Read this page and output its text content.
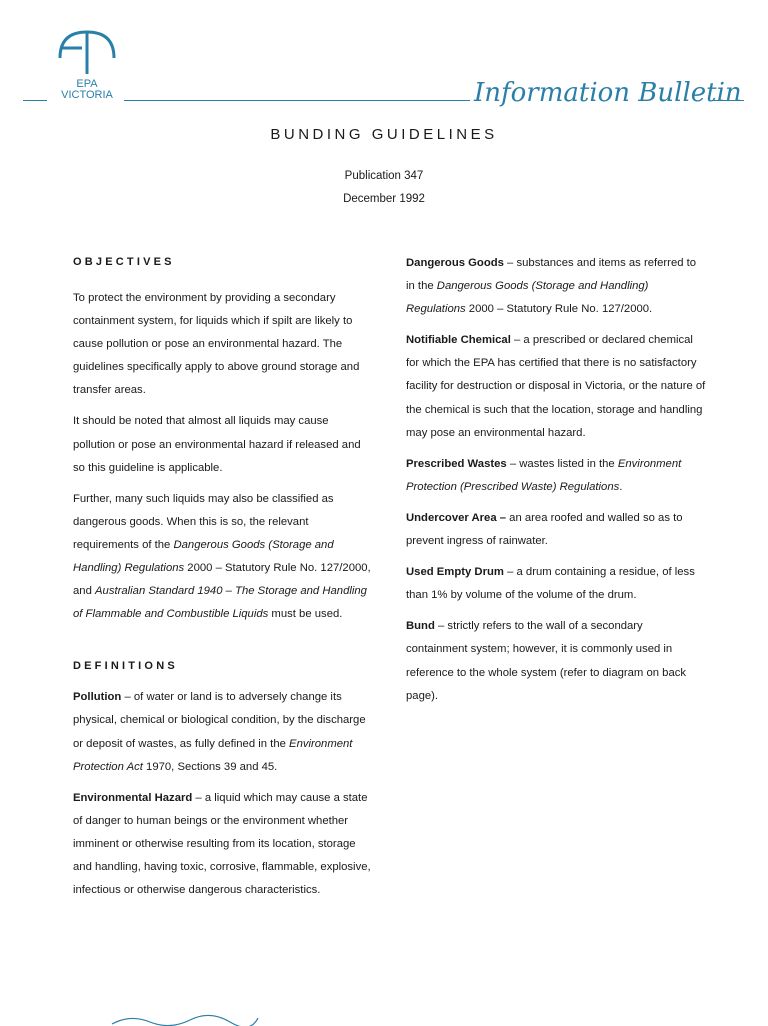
EPA
VICTORIA	Information Bulletin
BUNDING GUIDELINES
Publication 347
December 1992
OBJECTIVES

To protect the environment by providing a secondary containment system, for liquids which if spilt are likely to cause pollution or pose an environmental hazard. The guidelines specifically apply to above ground storage and transfer areas.

It should be noted that almost all liquids may cause pollution or pose an environmental hazard if released and so this guideline is applicable.

Further, many such liquids may also be classified as dangerous goods. When this is so, the relevant requirements of the Dangerous Goods (Storage and Handling) Regulations 2000 – Statutory Rule No. 127/2000, and Australian Standard 1940 – The Storage and Handling of Flammable and Combustible Liquids must be used.

DEFINITIONS

Pollution – of water or land is to adversely change its physical, chemical or biological condition, by the discharge or deposit of wastes, as fully defined in the Environment Protection Act 1970, Sections 39 and 45.

Environmental Hazard – a liquid which may cause a state of danger to human beings or the environment whether imminent or otherwise resulting from its location, storage and handling, having toxic, corrosive, flammable, explosive, infectious or otherwise dangerous characteristics.

Dangerous Goods – substances and items as referred to in the Dangerous Goods (Storage and Handling) Regulations 2000 – Statutory Rule No. 127/2000.

Notifiable Chemical – a prescribed or declared chemical for which the EPA has certified that there is no satisfactory facility for destruction or disposal in Victoria, or the nature of the chemical is such that the location, storage and handling may pose an environmental hazard.

Prescribed Wastes – wastes listed in the Environment Protection (Prescribed Waste) Regulations.

Undercover Area – an area roofed and walled so as to prevent ingress of rainwater.

Used Empty Drum – a drum containing a residue, of less than 1% by volume of the volume of the drum.

Bund – strictly refers to the wall of a secondary containment system; however, it is commonly used in reference to the whole system (refer to diagram on back page).
